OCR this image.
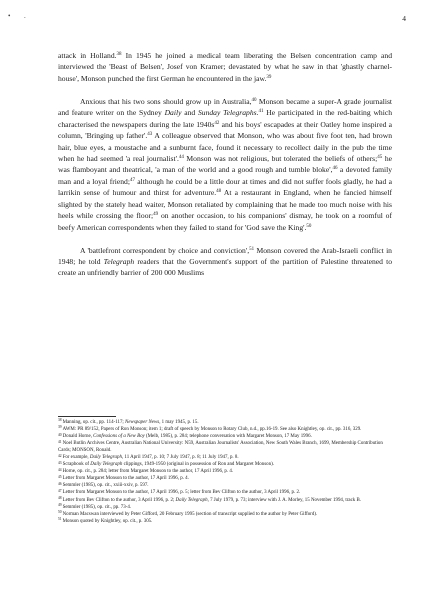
• .	4

attack in Holland.$^{38}$ In 1945 he joined a medical team liberating the Belsen concentration camp and interviewed the 'Beast of Belsen', Josef von Kramer; devastated by what he saw in that 'ghastly charnel-house', Monson punched the first German he encountered in the jaw.$^{39}$

Anxious that his two sons should grow up in Australia,$^{40}$ Monson became a super-A grade journalist and feature writer on the Sydney Daily and Sunday Telegraphs.$^{41}$ He participated in the red-baiting which characterised the newspapers during the late $1940s^{42}$ and his boys' escapades at their Oatley home inspired a column, 'Bringing up father'.$^{43}$ A colleague observed that Monson, who was about five foot ten, had brown hair, blue eyes, a moustache and a sunburnt face, found it necessary to recollect daily in the pub the time when he had seemed 'a real journalist'.$^{44}$ Monson was not religious, but tolerated the beliefs of others;$^{45}$ he was flamboyant and theatrical, 'a man of the world and a good rough and tumble bloke',$^{46}$ a devoted family man and a loyal friend;$^{47}$ although he could be a little dour at times and did not suffer fools gladly, he had a larrikin sense of humour and thirst for adventure.$^{48}$ At a restaurant in England, when he fancied himself slighted by the stately head waiter, Monson retaliated by complaining that he made too much noise with his heels while crossing the floor;$^{49}$ on another occasion, to his companions' dismay, he took on a roomful of beefy American correspondents when they failed to stand for 'God save the King'.$^{50}$

A 'battlefront correspondent by choice and conviction',$^{51}$ Monson covered the Arab-Israeli conflict in 1948; he told Telegraph readers that the Government's support of the partition of Palestine threatened to create an unfriendly barrier of 200 000 Muslims

$^{38}$Manning, op. cit., pp. 114-117; Newspaper News, 1 may 1945, p. 15.

$^{39}$AWM: PR 89/152, Papers of Ron Monson; item 1; draft of speech by Monson to Rotary Club, n.d., pp.16-19. See also Knightley, op. cit., pp. 316, 329.

$^{40}$Donald Horne, Confessions of a New Boy (Melb, 1985), p. 284; telephone conversation with Margaret Monson, 17 May 1996.

$^{41}$Noel Butlin Archives Centre, Australian National University: N59, Australian Journalists' Association, New South Wales Branch, 1699, Membership Contribution Cards; MONSON, Ronald.

$^{42}$For example, Daily Telegraph, 11 April 1947, p. 10; 7 July 1947, p. 8; 11 July 1947, p. 8.

$^{43}$Scrapbook of Daily Telegraph clippings, 1949-1950 (original in possession of Ron and Margaret Monson).

$^{44}$Horne, op. cit., p. 284; letter from Margaret Monson to the author, 17 April 1996, p. 4.

$^{45}$Letter from Margaret Monson to the author, 17 April 1996, p. 4.

$^{46}$Semmler (1985), op. cit., xxiii-xxiv, p. 597.

$^{47}$Letter from Margaret Monson to the author, 17 April 1996, p. 5; letter from Bev Clifton to the author, 3 April 1996, p. 2.

$^{48}$Letter from Bev Clifton to the author, 3 April 1996, p. 2; Daily Telegraph, 7 July 1979, p. 73; interview with J. A. Morley, 15 November 1994, track B.

$^{49}$Semmler (1985), op. cit., pp. 73-4.

$^{50}$Norman Macswan interviewed by Peter Gifford, 20 February 1995 (section of transcript supplied to the author by Peter Gifford).

$^{51}$Monson quoted by Knightley, op. cit., p. 305.
